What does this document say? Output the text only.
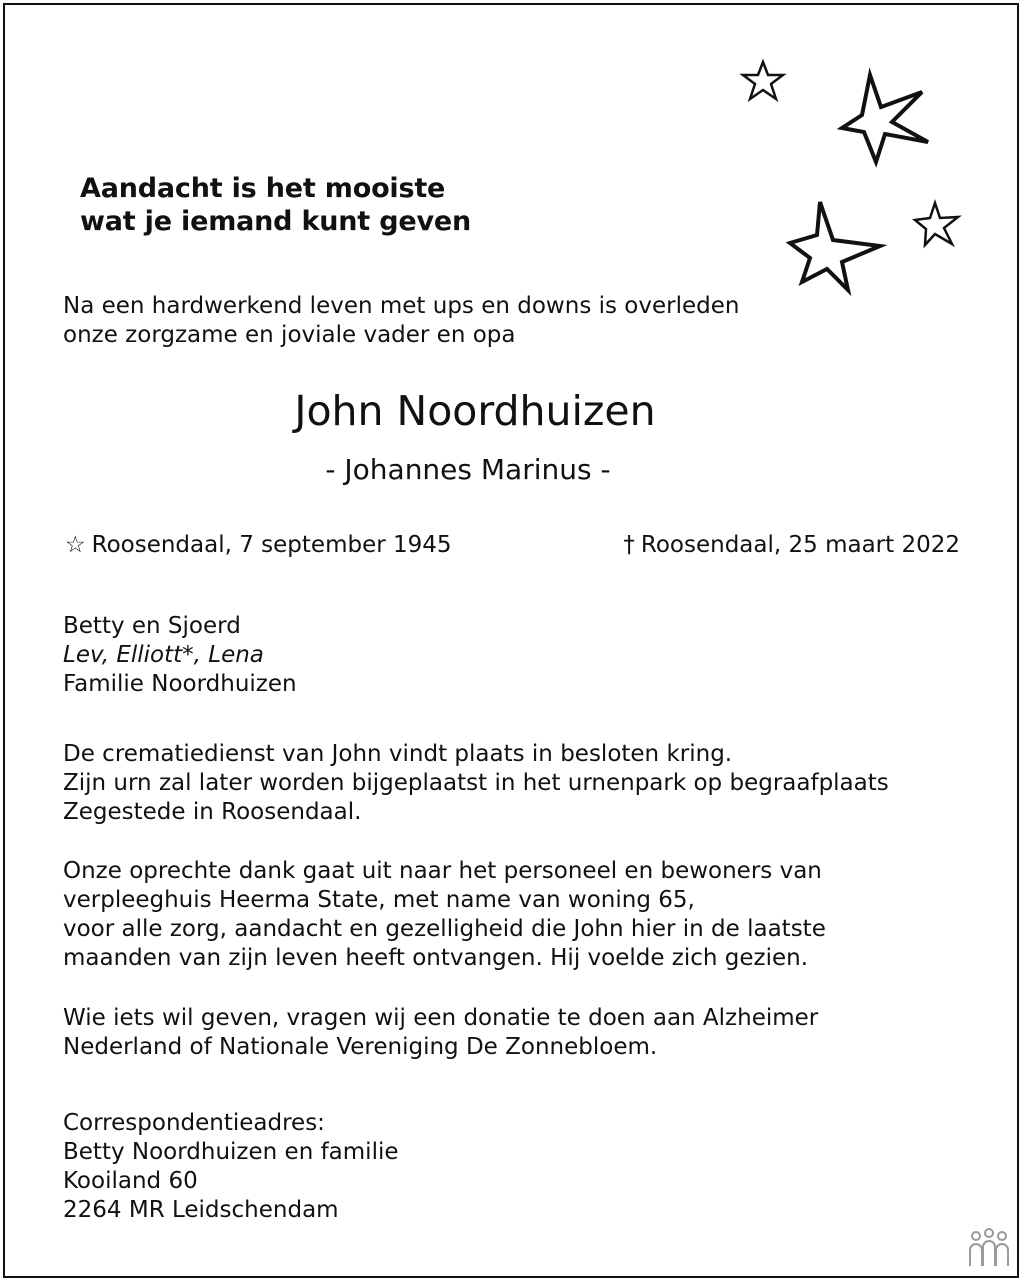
Aandacht is het mooiste
wat je iemand kunt geven
Na een hardwerkend leven met ups en downs is overleden
onze zorgzame en joviale vader en opa
John Noordhuizen
- Johannes Marinus -
☆ Roosendaal, 7 september 1945	† Roosendaal, 25 maart 2022
Betty en Sjoerd
Lev, Elliott*, Lena
Familie Noordhuizen
De crematiedienst van John vindt plaats in besloten kring.
Zijn urn zal later worden bijgeplaatst in het urnenpark op begraafplaats
Zegestede in Roosendaal.
Onze oprechte dank gaat uit naar het personeel en bewoners van
verpleeghuis Heerma State, met name van woning 65,
voor alle zorg, aandacht en gezelligheid die John hier in de laatste
maanden van zijn leven heeft ontvangen. Hij voelde zich gezien.
Wie iets wil geven, vragen wij een donatie te doen aan Alzheimer
Nederland of Nationale Vereniging De Zonnebloem.
Correspondentieadres:
Betty Noordhuizen en familie
Kooiland 60
2264 MR Leidschendam
